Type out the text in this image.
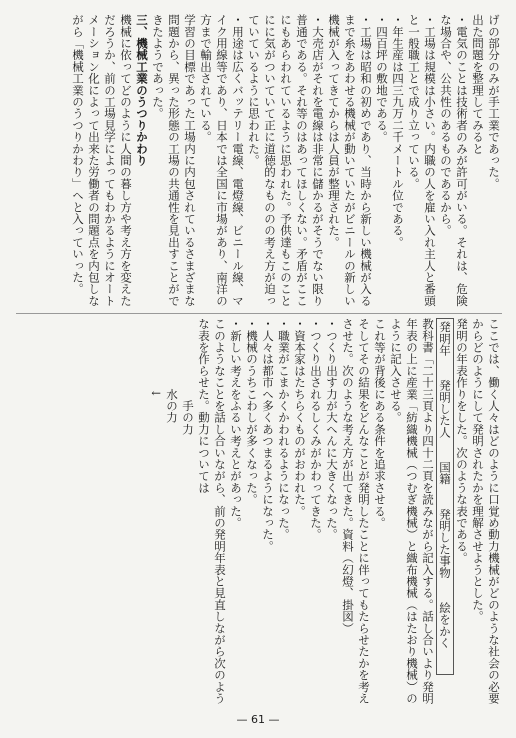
げの部分のみが手工業であった。
出た問題を整理してみると
・電気のことは技術者のみが許可がいる。それは、危険な場合や、公共性のあるものであるから。
・工場は規模は小さい。内職の人を雇い入れ主人と番頭と一般職工とで成り立っている。
・年生産は四三九万二千メートル位である。
・四百坪の敷地である。
・工場は昭和の初めであり、当時から新しい機械が入るまで糸をあわせる機械が動いていたがビニールの新しい機械が入ってきてからは人員が整理された。
・大売店がそれを電線は非常に儲かるがそうでない限り普通である。それ等のはあってほしくない。矛盾がここにもあらわれているように思われた。予供達もこのことにに気がついていて正に道徳的なもののの考え方が迫っていているように思われた。
・用途は広くバッテリー電線、電燈線、ビニール線、マイク用線等であり、日本では全国に市場があり、南洋の方まで輸出されている。
学習の目標であった工場内に内包されているさまざまな問題から、異った形態の工場の共通性を見出すことができたようであった。
三、機械工業のうつりかわり
機械に依ってどのように人間の暮し方や考え方を変えただろうか、前の工場見学によってもわかるようにオートメーション化によって出来た労働者の問題点を内包しながら「機械工業のうつりかわり」へと入っていった。
ここでは、働く人々はどのように口覚め動力機械がどのような社会の必要からどのようにして発明されたかを理解させようとした。
発明の年表作りをした。次のような表である。
発明年　　発明した人　　国籍　　発明した事物　　絵をかく　　
教科書「二十三頁より四十二頁を読みながら記入する。話し合いより発明年表の上に産業「紡織機械（つむぎ機械）と織布機械（はたおり機械）のように記入させる。
これ等が背後にある条件を追求させる。
そしてその結果をどんなことが発明したことに伴ってもたらせたかを考えさせた。次のような考え方が出てきた。資料（幻燈、掛図）
・つくり出す力が大へんに大きくなった。
・つくり出されるしくみがかわってきた。
・資本家はたちらくものがおわれた。
・職業がこまかくかわれるようになった。
・人々は都市へ多くあつまるようになった。
・機械のうちこわしが多くなった。
・新しい考えをふるい考えとがあった。
このようなことを話し合いながら、前の発明年表と見直しながら次のような表を作らせた。動力については
　　　　　　　手の力
　　　　　　水の力
　　　　　　↓
— 61 —
